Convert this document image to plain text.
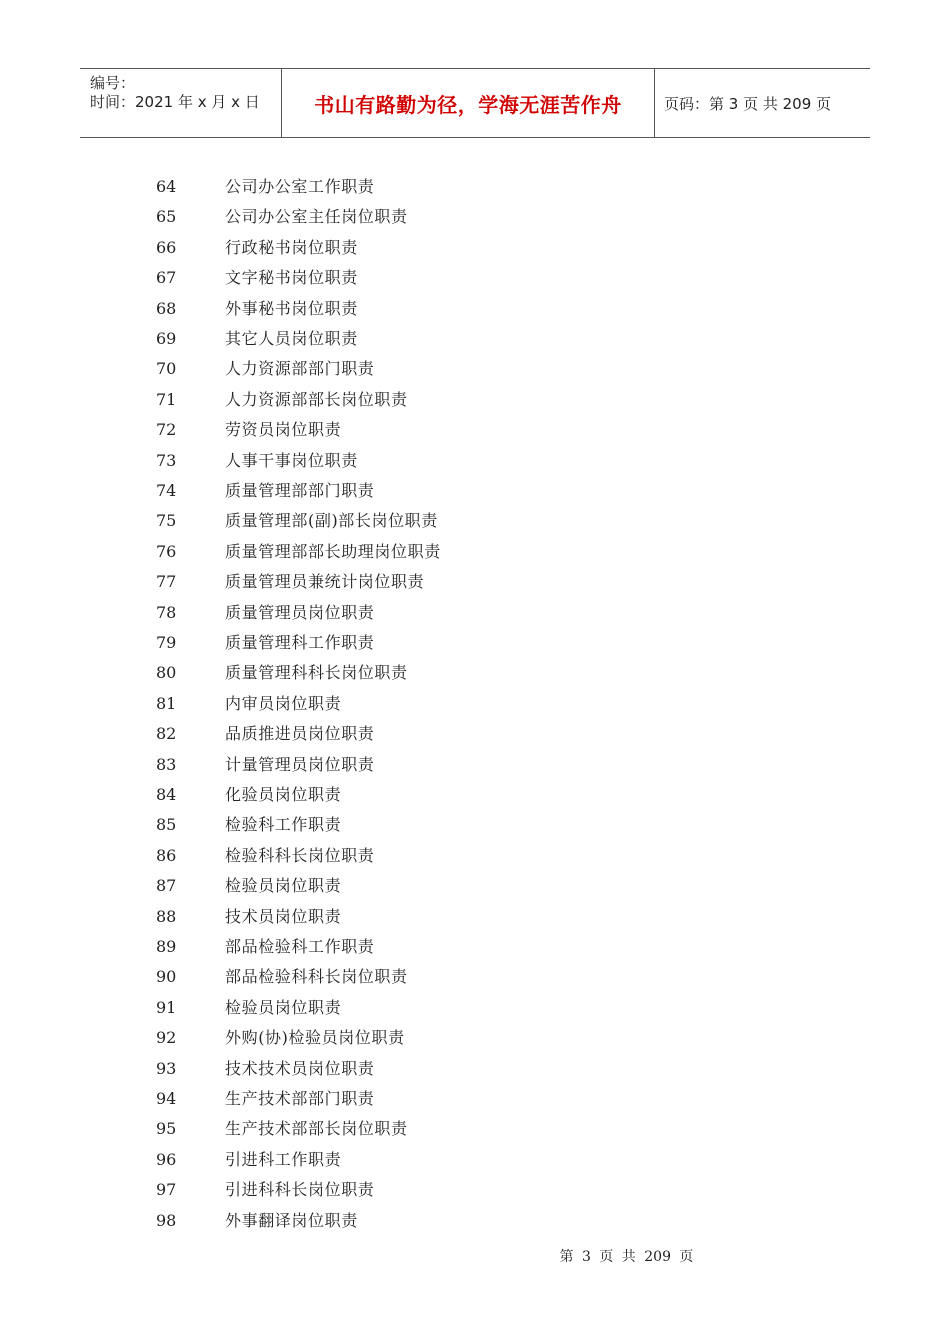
编号：
时间：2021 年 x 月 x 日	书山有路勤为径，学海无涯苦作舟	页码：第 3 页 共 209 页
64	公司办公室工作职责
65	公司办公室主任岗位职责
66	行政秘书岗位职责
67	文字秘书岗位职责
68	外事秘书岗位职责
69	其它人员岗位职责
70	人力资源部部门职责
71	人力资源部部长岗位职责
72	劳资员岗位职责
73	人事干事岗位职责
74	质量管理部部门职责
75	质量管理部(副)部长岗位职责
76	质量管理部部长助理岗位职责
77	质量管理员兼统计岗位职责
78	质量管理员岗位职责
79	质量管理科工作职责
80	质量管理科科长岗位职责
81	内审员岗位职责
82	品质推进员岗位职责
83	计量管理员岗位职责
84	化验员岗位职责
85	检验科工作职责
86	检验科科长岗位职责
87	检验员岗位职责
88	技术员岗位职责
89	部品检验科工作职责
90	部品检验科科长岗位职责
91	检验员岗位职责
92	外购(协)检验员岗位职责
93	技术技术员岗位职责
94	生产技术部部门职责
95	生产技术部部长岗位职责
96	引进科工作职责
97	引进科科长岗位职责
98	外事翻译岗位职责
第 3 页 共 209 页
